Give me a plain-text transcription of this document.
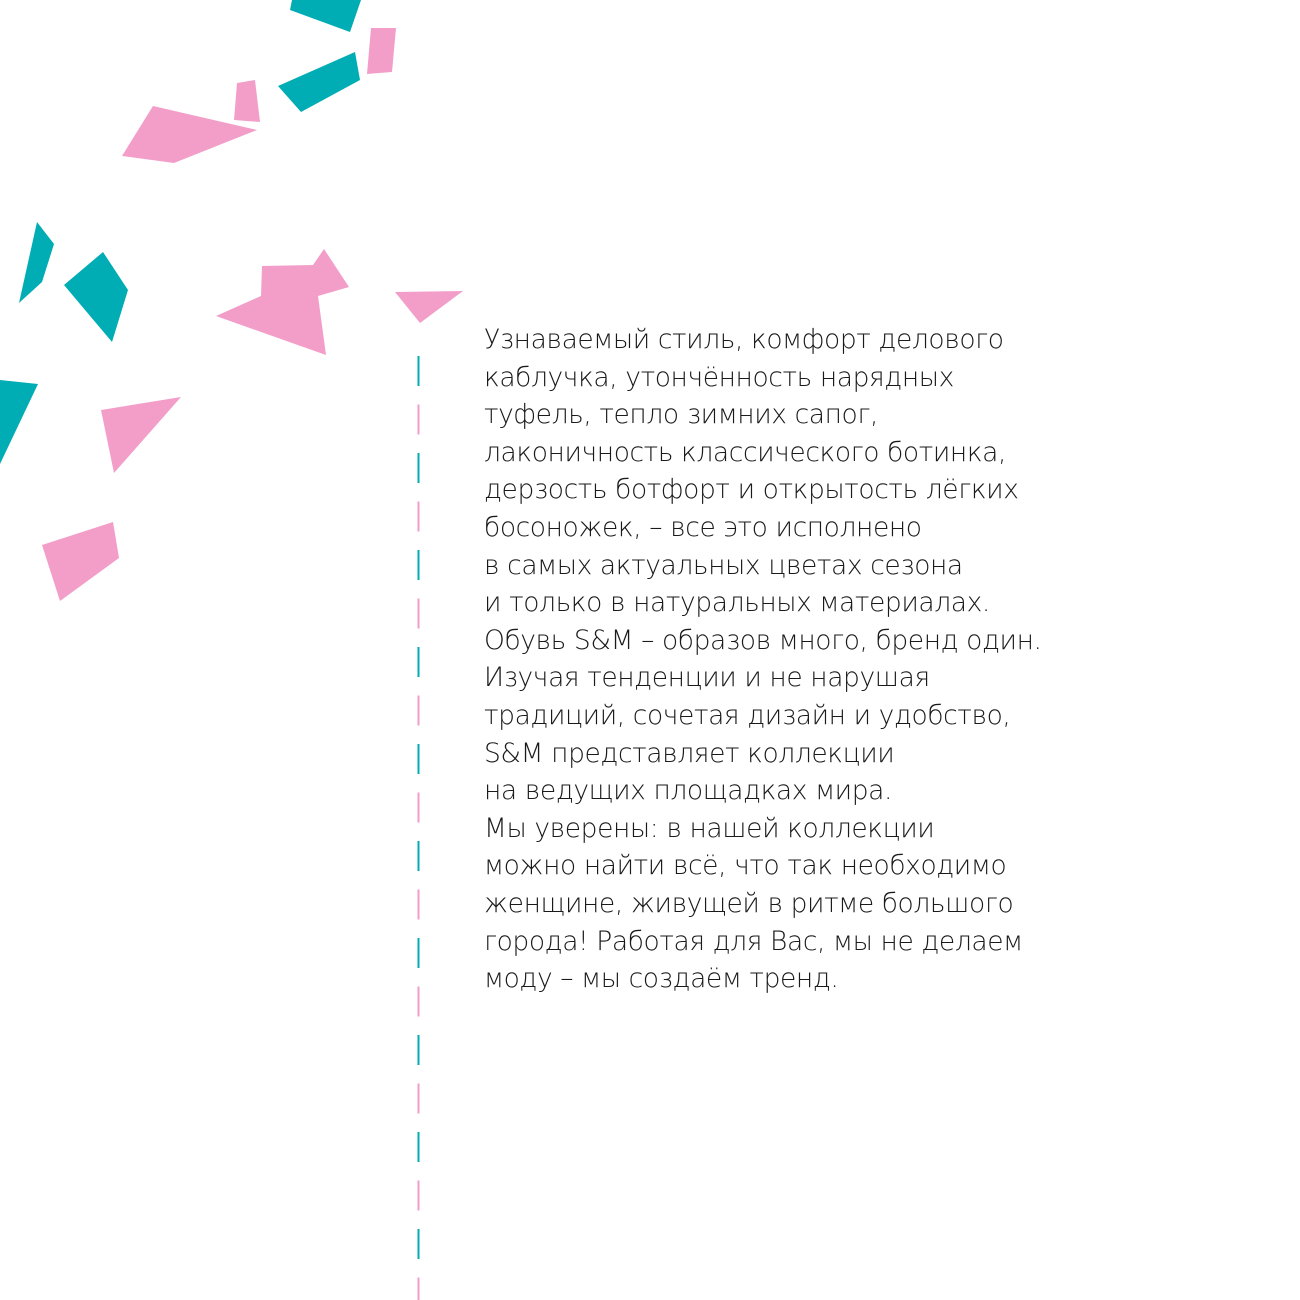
Узнаваемый стиль, комфорт делового
каблучка, утончённость нарядных
туфель, тепло зимних сапог,
лаконичность классического ботинка,
дерзость ботфорт и открытость лёгких
босоножек, – все это исполнено
в самых актуальных цветах сезона
и только в натуральных материалах.
Обувь S&M – образов много, бренд один.
Изучая тенденции и не нарушая
традиций, сочетая дизайн и удобство,
S&M представляет коллекции
на ведущих площадках мира.
Мы уверены: в нашей коллекции
можно найти всё, что так необходимо
женщине, живущей в ритме большого
города! Работая для Вас, мы не делаем
моду – мы создаём тренд.
